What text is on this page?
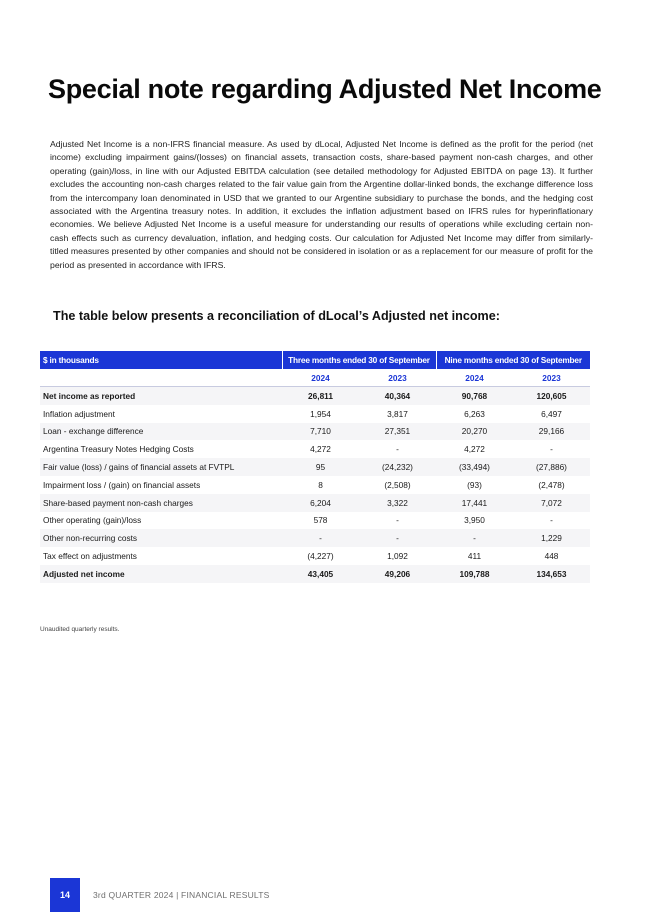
Special note regarding Adjusted Net Income

Adjusted Net Income is a non-IFRS financial measure. As used by dLocal, Adjusted Net Income is defined as the profit for the period (net income) excluding impairment gains/(losses) on financial assets, transaction costs, share-based payment non-cash charges, and other operating (gain)/loss, in line with our Adjusted EBITDA calculation (see detailed methodology for Adjusted EBITDA on page 13). It further excludes the accounting non-cash charges related to the fair value gain from the Argentine dollar-linked bonds, the exchange difference loss from the intercompany loan denominated in USD that we granted to our Argentine subsidiary to purchase the bonds, and the hedging cost associated with the Argentina treasury notes. In addition, it excludes the inflation adjustment based on IFRS rules for hyperinflationary economies. We believe Adjusted Net Income is a useful measure for understanding our results of operations while excluding certain non-cash effects such as currency devaluation, inflation, and hedging costs. Our calculation for Adjusted Net Income may differ from similarly-titled measures presented by other companies and should not be considered in isolation or as a replacement for our measure of profit for the period as presented in accordance with IFRS.

The table below presents a reconciliation of dLocal’s Adjusted net income:
$ in thousands	Three months ended 30 of September		Nine months ended 30 of September	
	2024	2023	2024	2023
Net income as reported	26,811	40,364	90,768	120,605
Inflation adjustment	1,954	3,817	6,263	6,497
Loan - exchange difference	7,710	27,351	20,270	29,166
Argentina Treasury Notes Hedging Costs	4,272	-	4,272	-
Fair value (loss) / gains of financial assets at FVTPL	95	(24,232)	(33,494)	(27,886)
Impairment loss / (gain) on financial assets	8	(2,508)	(93)	(2,478)
Share-based payment non-cash charges	6,204	3,322	17,441	7,072
Other operating (gain)/loss	578	-	3,950	-
Other non-recurring costs	-	-	-	1,229
Tax effect on adjustments	(4,227)	1,092	411	448
Adjusted net income	43,405	49,206	109,788	134,653
Unaudited quarterly results.
14	3rd QUARTER 2024 | FINANCIAL RESULTS
